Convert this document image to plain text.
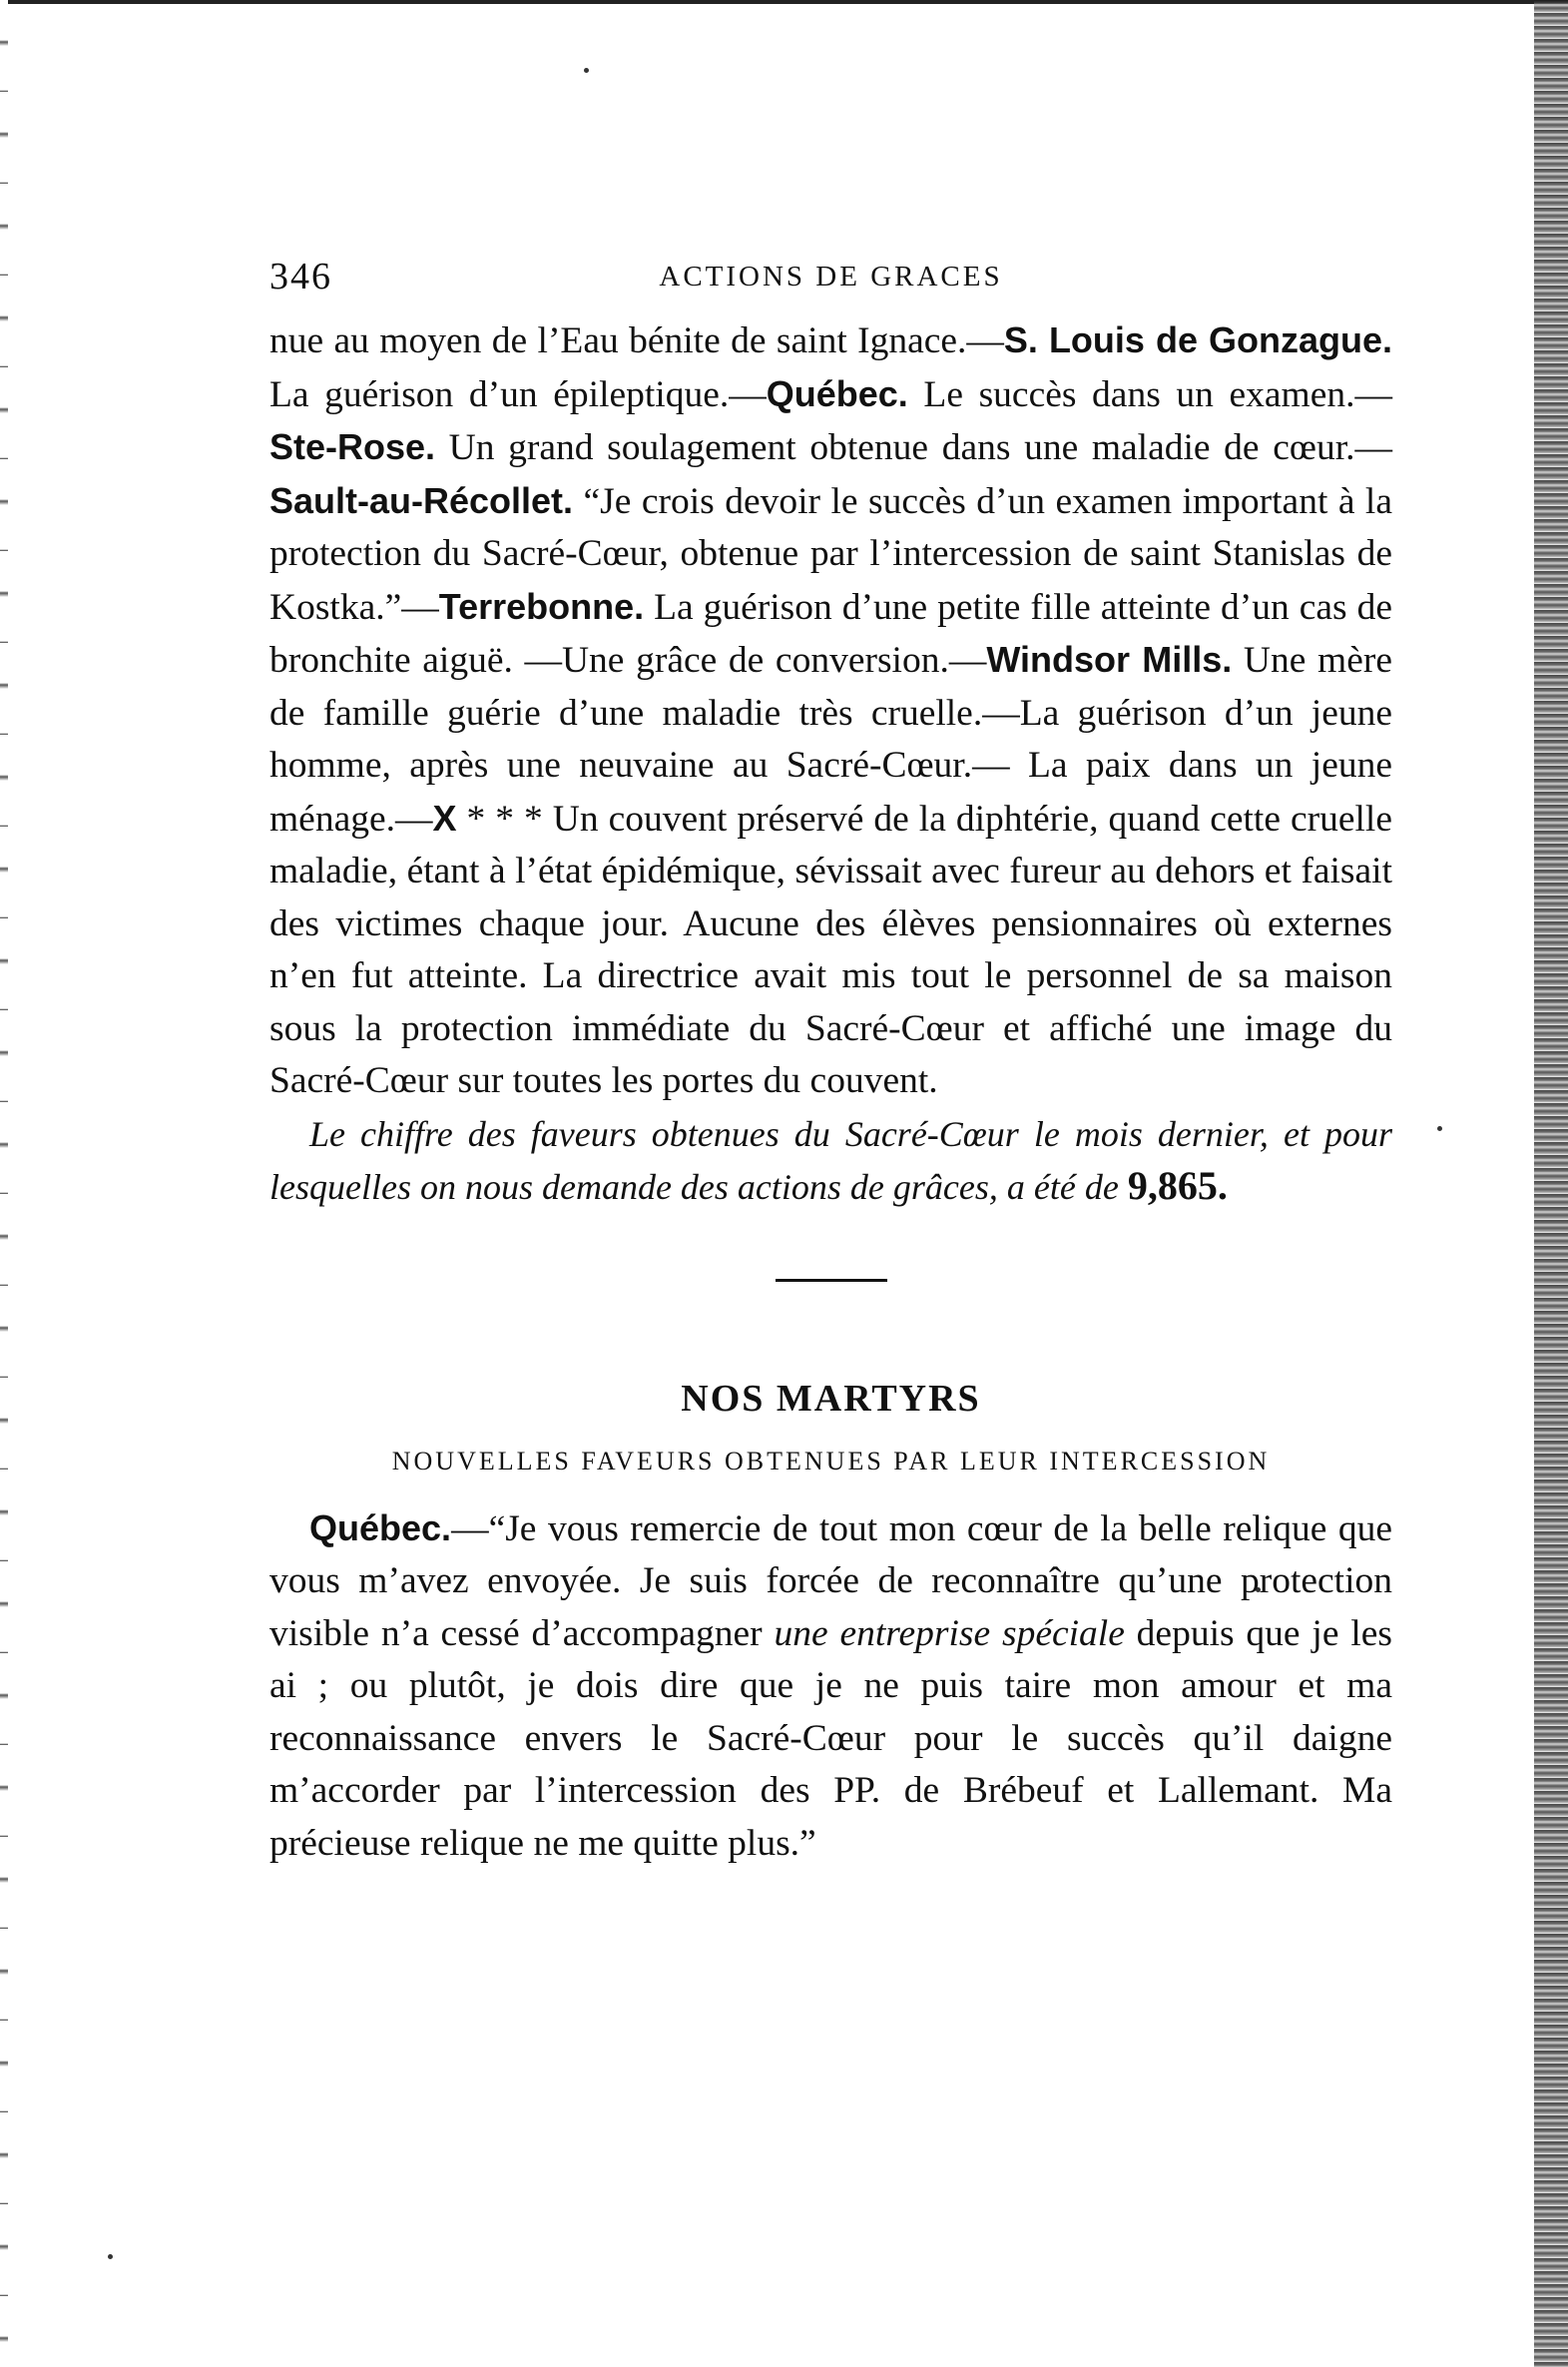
346	ACTIONS DE GRACES

nue au moyen de l’Eau bénite de saint Ignace.—S. Louis de Gonzague. La guérison d’un épileptique.—Québec. Le succès dans un examen.—Ste-Rose. Un grand soulagement obtenue dans une maladie de cœur.—Sault-au-Récollet. “Je crois devoir le succès d’un examen important à la protection du Sacré-Cœur, obtenue par l’intercession de saint Stanislas de Kostka.”—Terrebonne. La guérison d’une petite fille atteinte d’un cas de bronchite aiguë. —Une grâce de conversion.—Windsor Mills. Une mère de famille guérie d’une maladie très cruelle.—La guérison d’un jeune homme, après une neuvaine au Sacré-Cœur.— La paix dans un jeune ménage.—X * * * Un couvent préservé de la diphtérie, quand cette cruelle maladie, étant à l’état épidémique, sévissait avec fureur au dehors et faisait des victimes chaque jour. Aucune des élèves pensionnaires où externes n’en fut atteinte. La directrice avait mis tout le personnel de sa maison sous la protection immédiate du Sacré-Cœur et affiché une image du Sacré-Cœur sur toutes les portes du couvent.

Le chiffre des faveurs obtenues du Sacré-Cœur le mois dernier, et pour lesquelles on nous demande des actions de grâces, a été de 9,865.

NOS MARTYRS
NOUVELLES FAVEURS OBTENUES PAR LEUR INTERCESSION

Québec.—“Je vous remercie de tout mon cœur de la belle relique que vous m’avez envoyée. Je suis forcée de reconnaître qu’une protection visible n’a cessé d’accompagner une entreprise spéciale depuis que je les ai ; ou plutôt, je dois dire que je ne puis taire mon amour et ma reconnaissance envers le Sacré-Cœur pour le succès qu’il daigne m’accorder par l’intercession des PP. de Brébeuf et Lallemant. Ma précieuse relique ne me quitte plus.”
